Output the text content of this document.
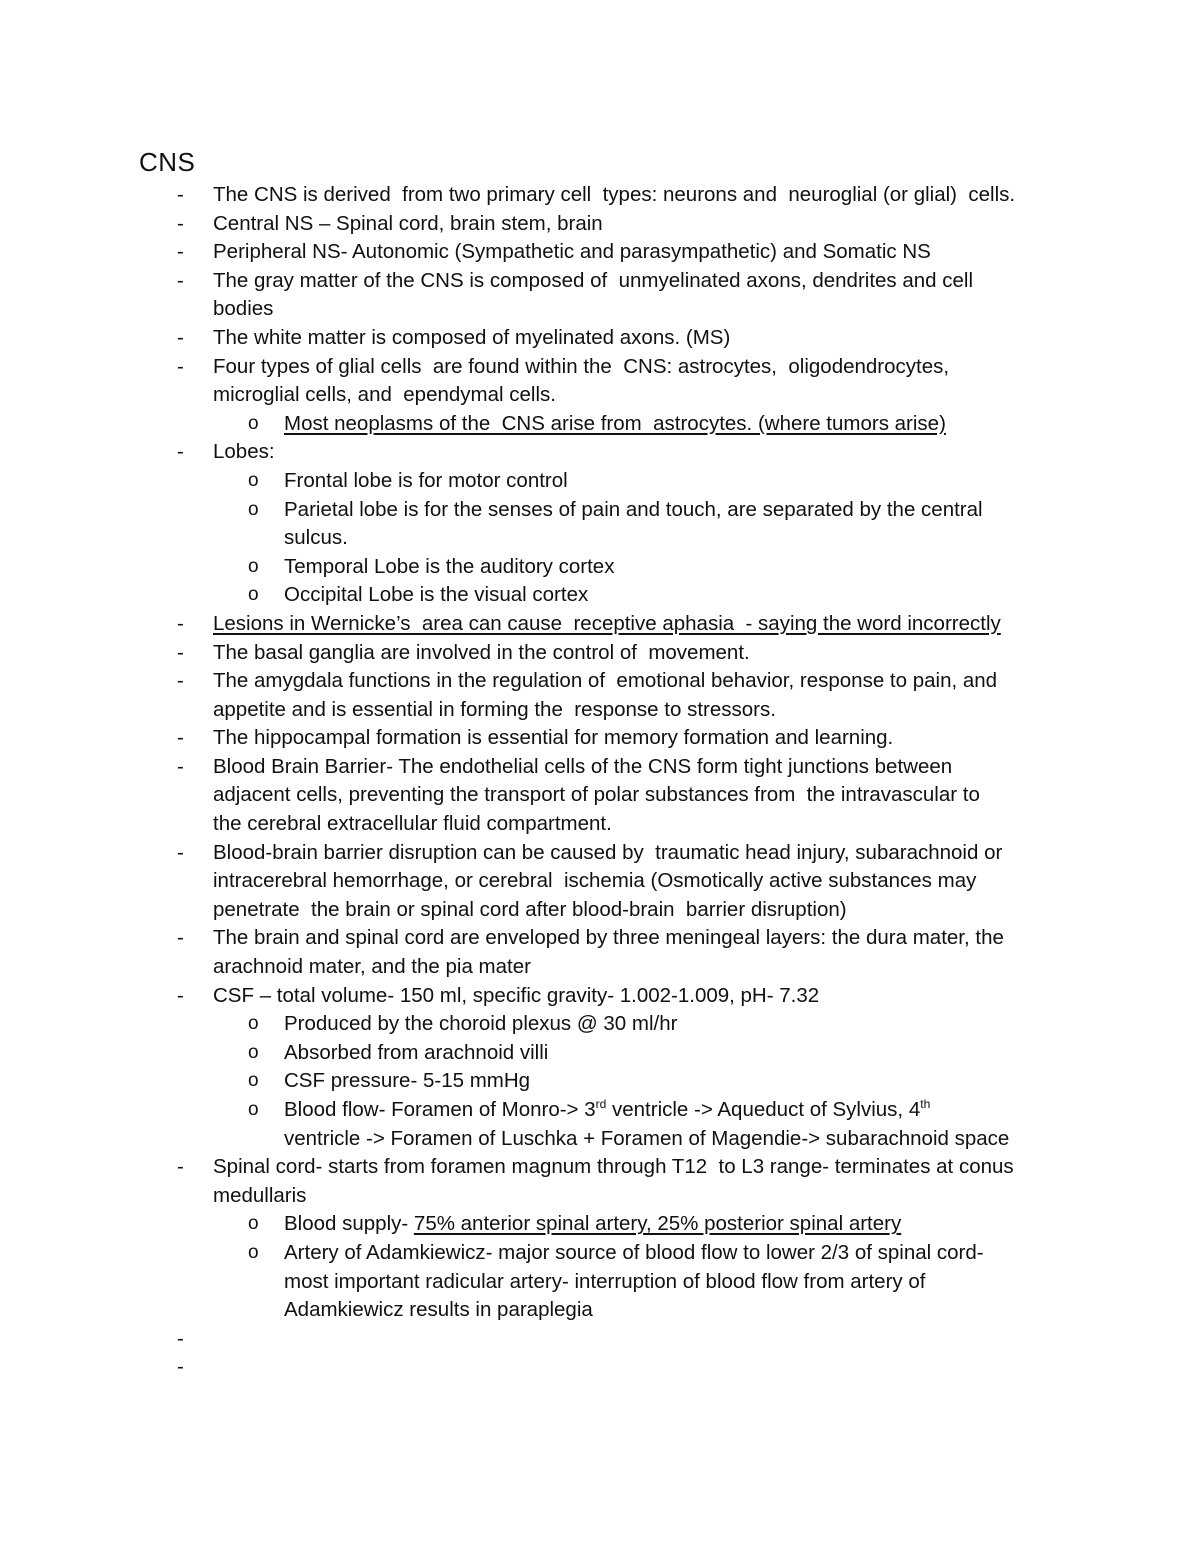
CNS
- The CNS is derived  from two primary cell  types: neurons and  neuroglial (or glial)  cells.
- Central NS – Spinal cord, brain stem, brain
- Peripheral NS- Autonomic (Sympathetic and parasympathetic) and Somatic NS
- The gray matter of the CNS is composed of  unmyelinated axons, dendrites and cell
bodies
- The white matter is composed of myelinated axons. (MS)
- Four types of glial cells  are found within the  CNS: astrocytes,  oligodendrocytes,
microglial cells, and  ependymal cells.
o Most neoplasms of the  CNS arise from  astrocytes. (where tumors arise)
- Lobes:
o Frontal lobe is for motor control
o Parietal lobe is for the senses of pain and touch, are separated by the central
sulcus.
o Temporal Lobe is the auditory cortex
o Occipital Lobe is the visual cortex
- Lesions in Wernicke’s  area can cause  receptive aphasia  - saying the word incorrectly
- The basal ganglia are involved in the control of  movement.
- The amygdala functions in the regulation of  emotional behavior, response to pain, and
appetite and is essential in forming the  response to stressors.
- The hippocampal formation is essential for memory formation and learning.
- Blood Brain Barrier- The endothelial cells of the CNS form tight junctions between
adjacent cells, preventing the transport of polar substances from  the intravascular to
the cerebral extracellular fluid compartment.
- Blood-brain barrier disruption can be caused by  traumatic head injury, subarachnoid or
intracerebral hemorrhage, or cerebral  ischemia (Osmotically active substances may
penetrate  the brain or spinal cord after blood-brain  barrier disruption)
- The brain and spinal cord are enveloped by three meningeal layers: the dura mater, the
arachnoid mater, and the pia mater
- CSF – total volume- 150 ml, specific gravity- 1.002-1.009, pH- 7.32
o Produced by the choroid plexus @ 30 ml/hr
o Absorbed from arachnoid villi
o CSF pressure- 5-15 mmHg
o Blood flow- Foramen of Monro-> 3rd ventricle -> Aqueduct of Sylvius, 4th
ventricle -> Foramen of Luschka + Foramen of Magendie-> subarachnoid space
- Spinal cord- starts from foramen magnum through T12  to L3 range- terminates at conus
medullaris
o Blood supply- 75% anterior spinal artery, 25% posterior spinal artery
o Artery of Adamkiewicz- major source of blood flow to lower 2/3 of spinal cord-
most important radicular artery- interruption of blood flow from artery of
Adamkiewicz results in paraplegia
-

-
